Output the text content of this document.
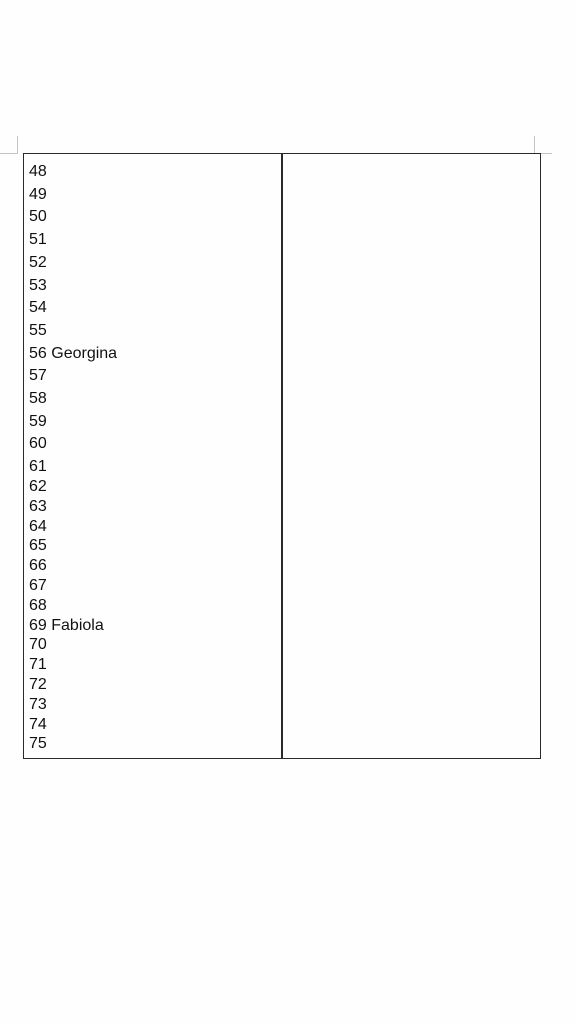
48
49
50
51
52
53
54
55
56 Georgina
57
58
59
60
61
62
63
64
65
66
67
68
69 Fabiola
70
71
72
73
74
75
